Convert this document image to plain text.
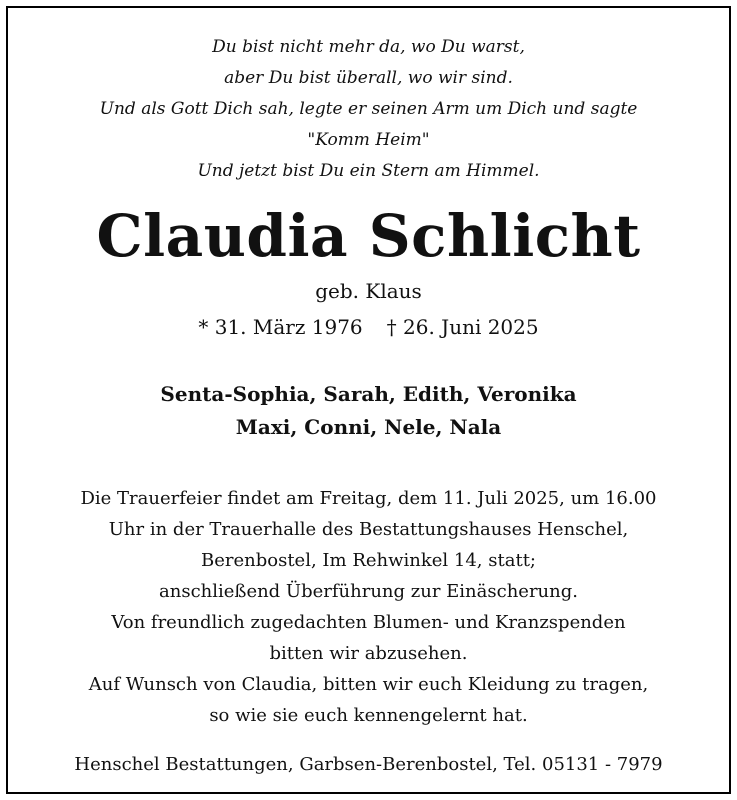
Du bist nicht mehr da, wo Du warst,
aber Du bist überall, wo wir sind.
Und als Gott Dich sah, legte er seinen Arm um Dich und sagte
"Komm Heim"
Und jetzt bist Du ein Stern am Himmel.
Claudia Schlicht
geb. Klaus
* 31. März 1976 † 26. Juni 2025
Senta-Sophia, Sarah, Edith, Veronika
Maxi, Conni, Nele, Nala
Die Trauerfeier findet am Freitag, dem 11. Juli 2025, um 16.00
Uhr in der Trauerhalle des Bestattungshauses Henschel,
Berenbostel, Im Rehwinkel 14, statt;
anschließend Überführung zur Einäscherung.
Von freundlich zugedachten Blumen- und Kranzspenden
bitten wir abzusehen.
Auf Wunsch von Claudia, bitten wir euch Kleidung zu tragen,
so wie sie euch kennengelernt hat.
Henschel Bestattungen, Garbsen-Berenbostel, Tel. 05131 - 7979
